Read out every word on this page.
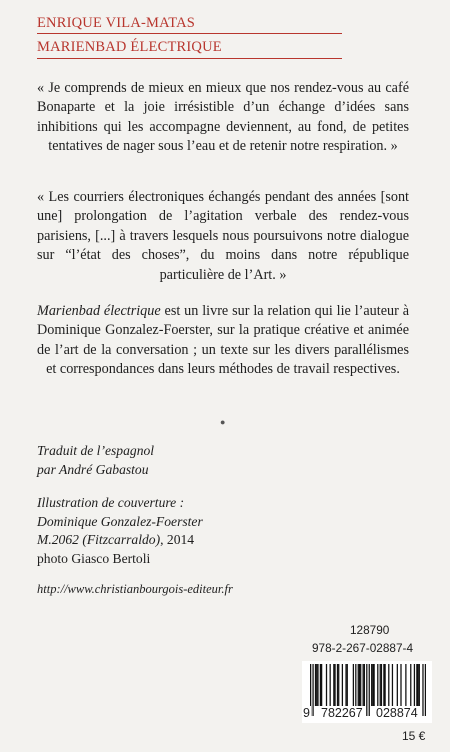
ENRIQUE VILA-MATAS
MARIENBAD ÉLECTRIQUE
« Je comprends de mieux en mieux que nos rendez-vous au café Bonaparte et la joie irrésistible d’un échange d’idées sans inhibitions qui les accompagne deviennent, au fond, de petites tentatives de nager sous l’eau et de retenir notre respiration. »
« Les courriers électroniques échangés pendant des années [sont une] prolongation de l’agitation verbale des rendez-vous parisiens, [...] à travers lesquels nous poursuivons notre dialogue sur “l’état des choses”, du moins dans notre république particulière de l’Art. »
Marienbad électrique est un livre sur la relation qui lie l’auteur à Dominique Gonzalez-Foerster, sur la pratique créative et animée de l’art de la conversation ; un texte sur les divers parallélismes et correspondances dans leurs méthodes de travail respectives.
●
Traduit de l’espagnol
par André Gabastou
Illustration de couverture :
Dominique Gonzalez-Foerster
M.2062 (Fitzcarraldo), 2014
photo Giasco Bertoli
http://www.christianbourgois-editeur.fr
128790
978-2-267-02887-4
9 782267 028874
15 €
